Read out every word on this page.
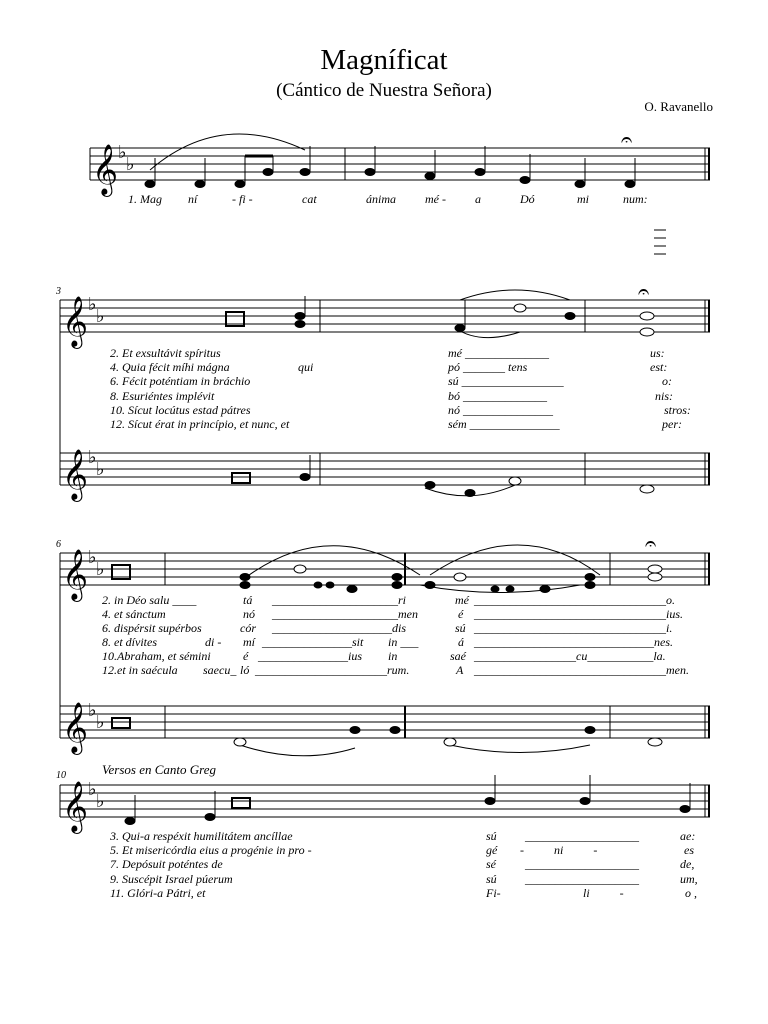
Magníficat
(Cántico de Nuestra Señora)
O. Ravanello
𝄞
𝄞
𝄞
𝄞
𝄞
𝄞
♭
♭
♭
♭
♭
♭
♭
♭
♭
♭
♭
♭
𝄐
𝄐
𝄐
3
6
10
1. Mag ní	- fi -	cat	ánima mé - a	Dó	mi	num:
2. Et exsultávit spíritus	mé ______________	us:
4. Quia fécit míhi mágna	qui	pó _______ tens	est:
6. Fécit poténtiam in bráchio	sú _________________	o:
8. Esuriéntes implévit	bó ______________	nis:
10. Sícut locútus estad pátres	nó _______________	stros:
12. Sícut érat in princípio, et nunc, et	sém _______________	per:
2. in Déo salu ____	tá _____________________ri	mé ________________________________o.
4. et sánctum	nó _____________________men	é ________________________________ius.
6. dispérsit supérbos	cór ____________________dis	sú ________________________________i.
8. et dívites	di - mí _______________sit in ___	á ______________________________nes.
10.Abraham, et sémini	é _______________ius in	saé _________________cu___________la.
12.et in saécula saecu_ ló ______________________rum.	A ________________________________men.
Versos en Canto Greg
3. Qui-a respéxit humilitátem ancíllae	sú ___________________	ae:
5. Et misericórdia eius a progénie in pro -	gé -          ni          -	es
7. Depósuit poténtes de	sé ___________________	de,
9. Suscépit Israel púerum	sú ___________________	um,
11. Glóri-a Pátri, et	Fi-	li          -	o ,
